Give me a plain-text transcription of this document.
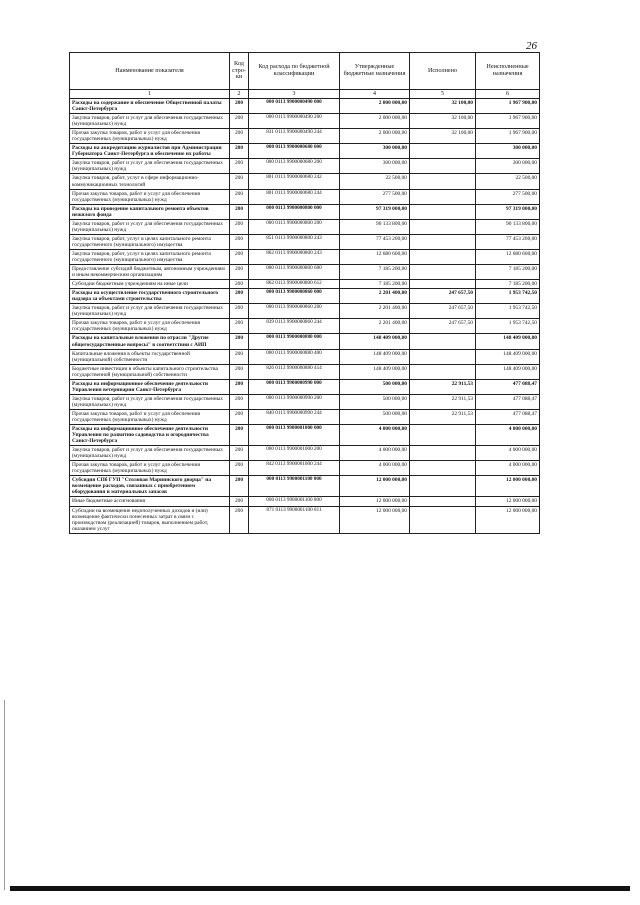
26
Наименование показателя	Код стро-ки	Код расхода по бюджетной классификации	Утвержденные бюджетные назначения	Исполнено	Неисполненные назначения
1	2	3	4	5	6
Расходы на содержание и обеспечение Общественной палаты Санкт-Петербурга	200	000 0113 9900000490 000	2 000 000,00	32 100,00	1 967 900,00
Закупка товаров, работ и услуг для обеспечения государственных (муниципальных) нужд	200	000 0113 9900000490 200	2 000 000,00	32 100,00	1 967 900,00
Прочая закупка товаров, работ и услуг для обеспечения государственных (муниципальных) нужд	200	831 0113 9900000490 244	2 000 000,00	32 100,00	1 967 900,00
Расходы на аккредитацию журналистов при Администрации Губернатора Санкт-Петербурга и обеспечение их работы	200	000 0113 9900000680 000	300 000,00		300 000,00
Закупка товаров, работ и услуг для обеспечения государственных (муниципальных) нужд	200	000 0113 9900000680 200	300 000,00		300 000,00
Закупка товаров, работ, услуг в сфере информационно-коммуникационных технологий	200	801 0113 9900000680 242	22 500,00		22 500,00
Прочая закупка товаров, работ и услуг для обеспечения государственных (муниципальных) нужд	200	801 0113 9900000680 244	277 500,00		277 500,00
Расходы на проведение капитального ремонта объектов нежилого фонда	200	000 0113 9900000800 000	97 319 000,00		97 319 000,00
Закупка товаров, работ и услуг для обеспечения государственных (муниципальных) нужд	200	000 0113 9900000800 200	90 133 800,00		90 133 800,00
Закупка товаров, работ, услуг в целях капитального ремонта государственного (муниципального) имущества	200	851 0113 9900000800 243	77 453 200,00		77 453 200,00
Закупка товаров, работ, услуг в целях капитального ремонта государственного (муниципального) имущества	200	862 0113 9900000800 243	12 680 600,00		12 680 600,00
Предоставление субсидий бюджетным, автономным учреждениям и иным некоммерческим организациям	200	000 0113 9900000800 600	7 185 200,00		7 185 200,00
Субсидии бюджетным учреждениям на иные цели	200	862 0113 9900000800 612	7 185 200,00		7 185 200,00
Расходы на осуществление государственного строительного надзора за объектами строительства	200	000 0113 9900000860 000	2 201 400,00	247 657,50	1 953 742,50
Закупка товаров, работ и услуг для обеспечения государственных (муниципальных) нужд	200	000 0113 9900000860 200	2 201 400,00	247 657,50	1 953 742,50
Прочая закупка товаров, работ и услуг для обеспечения государственных (муниципальных) нужд	200	839 0113 9900000860 244	2 201 400,00	247 657,50	1 953 742,50
Расходы на капитальные вложения по отрасли "Другие общегосударственные вопросы" в соответствии с АИП	200	000 0113 9900000880 000	148 409 000,00		148 409 000,00
Капитальные вложения в объекты государственной (муниципальной) собственности	200	000 0113 9900000880 400	148 409 000,00		148 409 000,00
Бюджетные инвестиции в объекты капитального строительства государственной (муниципальной) собственности	200	826 0113 9900000880 414	148 409 000,00		148 409 000,00
Расходы на информационное обеспечение деятельности Управления ветеринарии Санкт-Петербурга	200	000 0113 9900000990 000	500 000,00	22 911,53	477 088,47
Закупка товаров, работ и услуг для обеспечения государственных (муниципальных) нужд	200	000 0113 9900000990 200	500 000,00	22 911,53	477 088,47
Прочая закупка товаров, работ и услуг для обеспечения государственных (муниципальных) нужд	200	840 0113 9900000990 244	500 000,00	22 911,53	477 088,47
Расходы на информационное обеспечение деятельности Управления по развитию садоводства и огородничества Санкт-Петербурга	200	000 0113 9900001000 000	4 000 000,00		4 000 000,00
Закупка товаров, работ и услуг для обеспечения государственных (муниципальных) нужд	200	000 0113 9900001000 200	4 000 000,00		4 000 000,00
Прочая закупка товаров, работ и услуг для обеспечения государственных (муниципальных) нужд	200	842 0113 9900001000 244	4 000 000,00		4 000 000,00
Субсидия СПб ГУП "Столовая Мариинского дворца" на возмещение расходов, связанных с приобретением оборудования и материальных запасов	200	000 0113 9900001100 000	12 000 000,00		12 000 000,00
Иные бюджетные ассигнования	200	000 0113 9900001100 800	12 000 000,00		12 000 000,00
Субсидии на возмещение недополученных доходов и (или) возмещение фактически понесенных затрат в связи с производством (реализацией) товаров, выполнением работ, оказанием услуг	200	871 0113 9900001100 811	12 000 000,00		12 000 000,00
